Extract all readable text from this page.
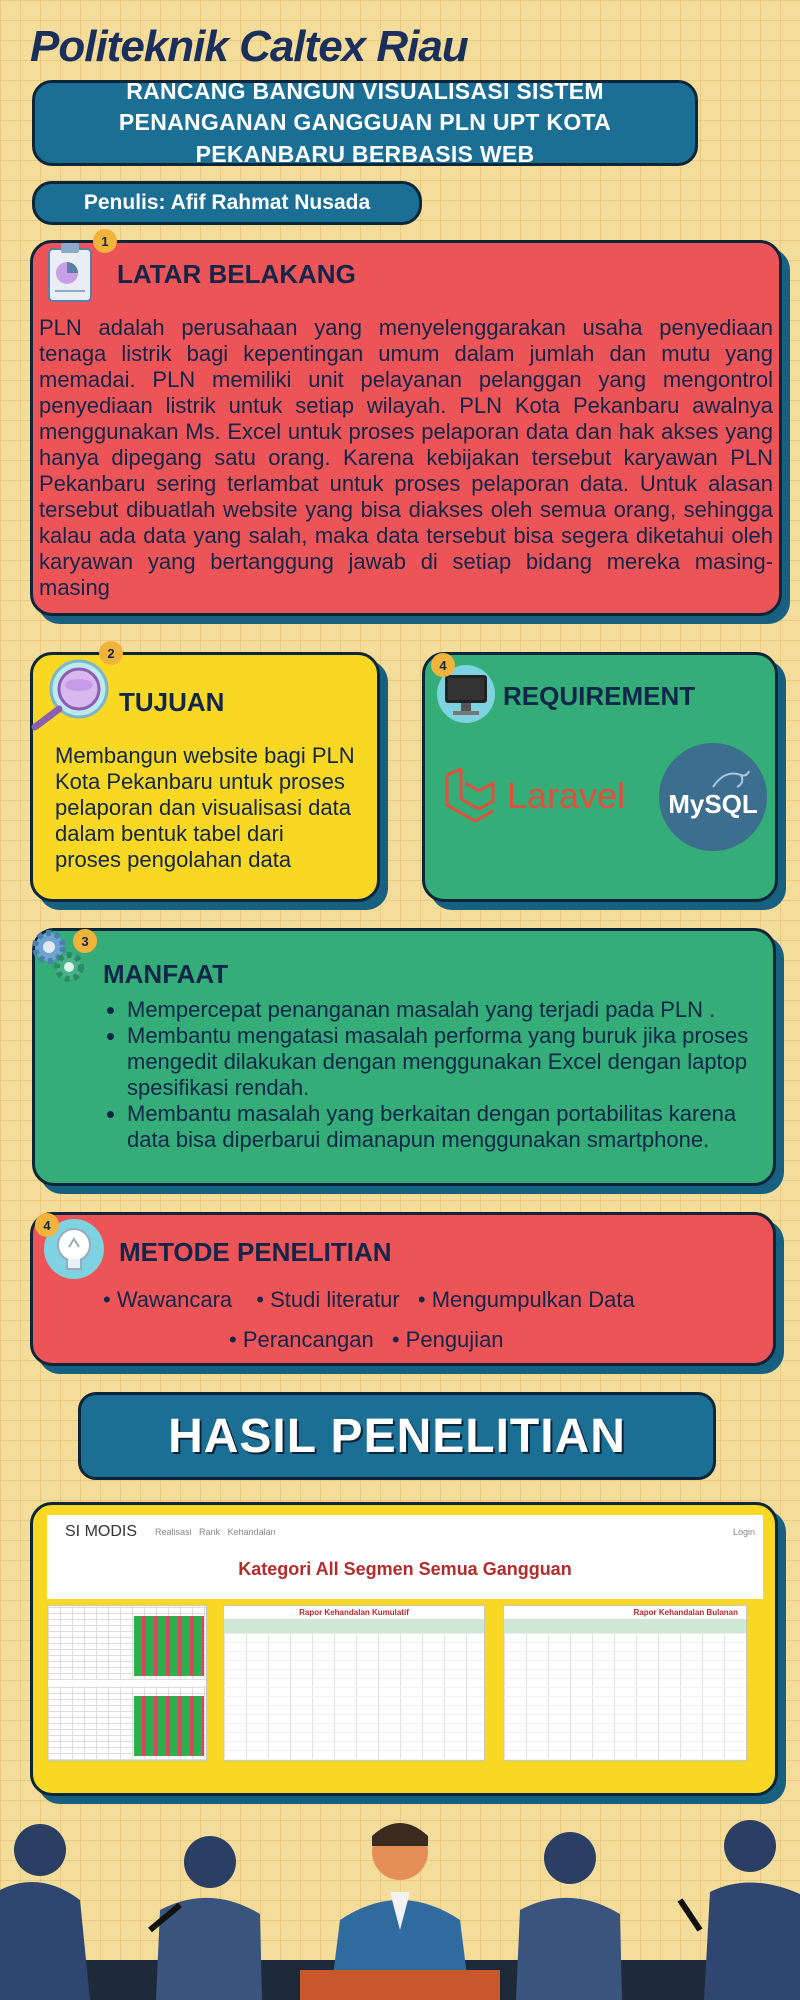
Politeknik Caltex Riau
RANCANG BANGUN VISUALISASI SISTEM PENANGANAN GANGGUAN PLN UPT KOTA PEKANBARU BERBASIS WEB
Penulis: Afif Rahmat Nusada
1
LATAR BELAKANG
PLN adalah perusahaan yang menyelenggarakan usaha penyediaan tenaga listrik bagi kepentingan umum dalam jumlah dan mutu yang memadai. PLN memiliki unit pelayanan pelanggan yang mengontrol penyediaan listrik untuk setiap wilayah. PLN Kota Pekanbaru awalnya menggunakan Ms. Excel untuk proses pelaporan data dan hak akses yang hanya dipegang satu orang. Karena kebijakan tersebut karyawan PLN Pekanbaru sering terlambat untuk proses pelaporan data. Untuk alasan tersebut dibuatlah website yang bisa diakses oleh semua orang, sehingga kalau ada data yang salah, maka data tersebut bisa segera diketahui oleh karyawan yang bertanggung jawab di setiap bidang mereka masing-masing
2
TUJUAN
Membangun website bagi PLN Kota Pekanbaru untuk proses pelaporan dan visualisasi data dalam bentuk tabel dari proses pengolahan data
4
REQUIREMENT
Laravel MySQL
3
MANFAAT
• Mempercepat penanganan masalah yang terjadi pada PLN .
• Membantu mengatasi masalah performa yang buruk jika proses mengedit dilakukan dengan menggunakan Excel dengan laptop spesifikasi rendah.
• Membantu masalah yang berkaitan dengan portabilitas karena data bisa diperbarui dimanapun menggunakan smartphone.
4
METODE PENELITIAN
• Wawancara • Studi literatur • Mengumpulkan Data
• Perancangan • Pengujian
HASIL PENELITIAN
SI MODIS Realisasi Rank Kehandalan	Login
Kategori All Segmen Semua Gangguan
Rapor Kehandalan Kumulatif	Rapor Kehandalan Bulanan
